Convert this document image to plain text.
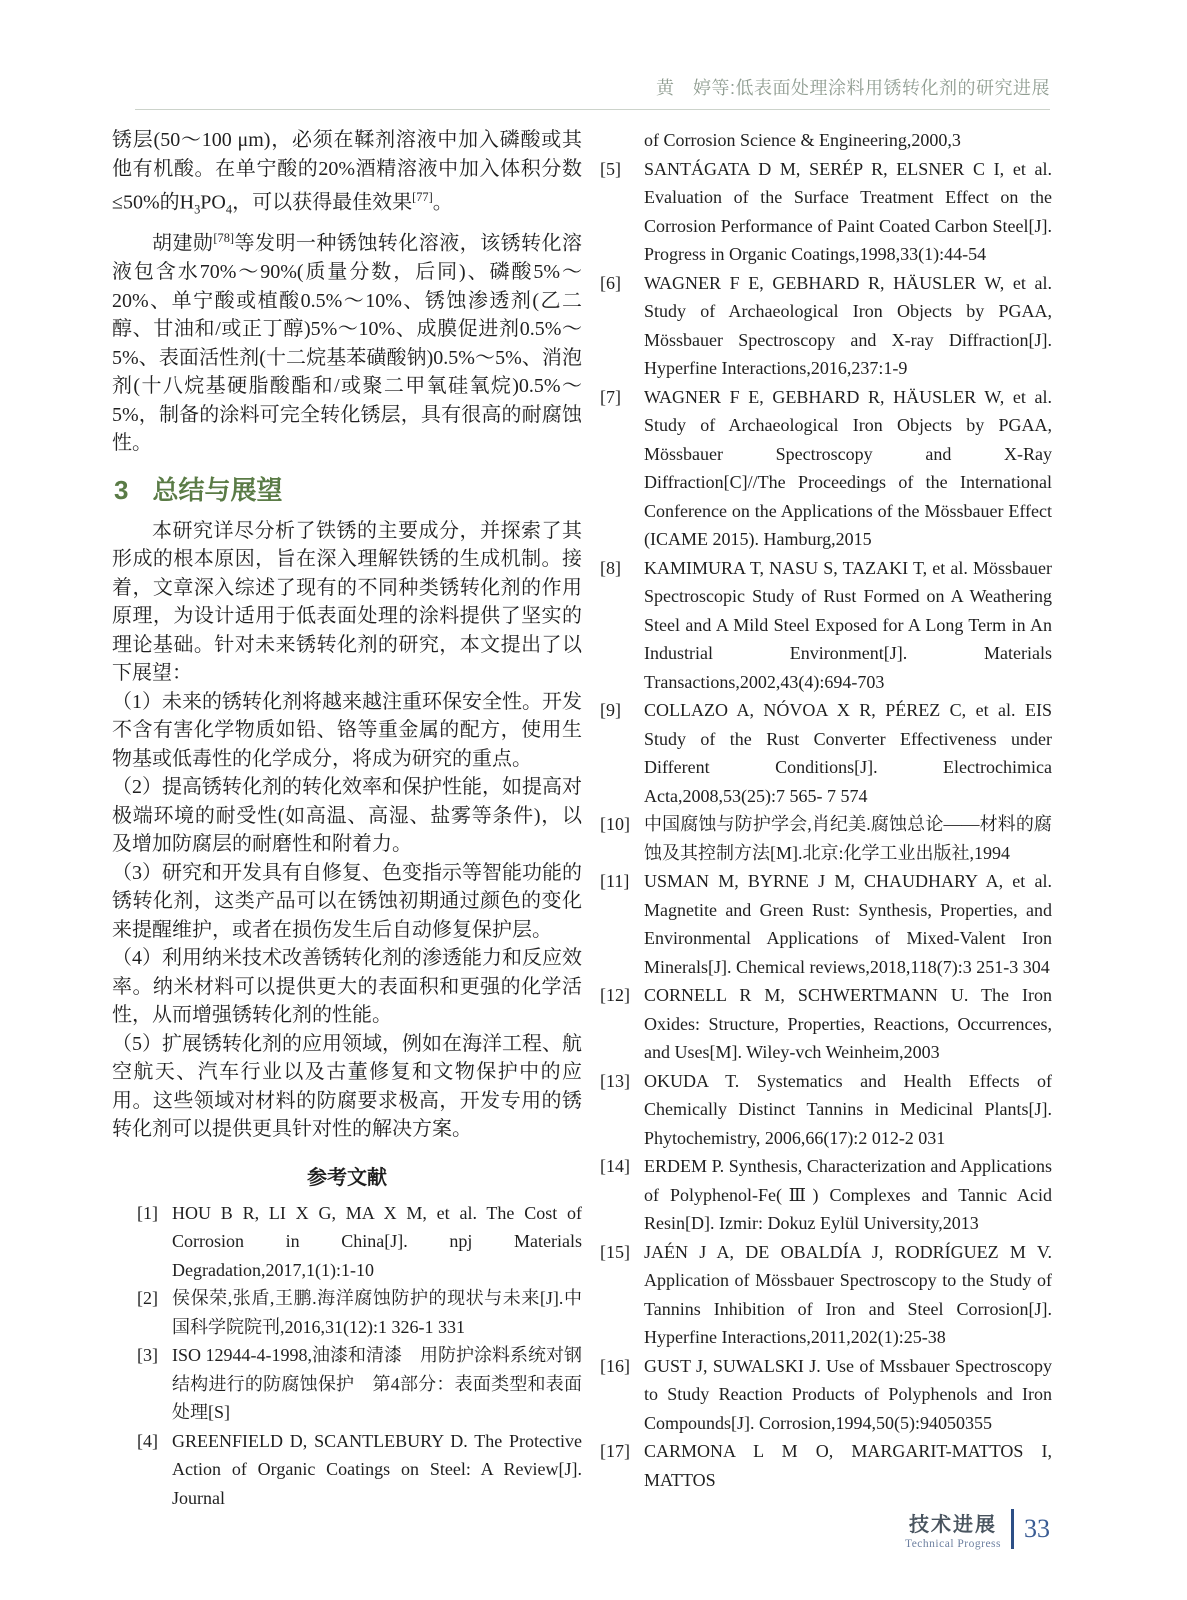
黄　婷等:低表面处理涂料用锈转化剂的研究进展

锈层(50～100 μm)，必须在鞣剂溶液中加入磷酸或其他有机酸。在单宁酸的20%酒精溶液中加入体积分数≤50%的$H_3PO_4$，可以获得最佳效果[77]。

胡建勋[78]等发明一种锈蚀转化溶液，该锈转化溶液包含水70%～90%(质量分数，后同)、磷酸5%～20%、单宁酸或植酸0.5%～10%、锈蚀渗透剂(乙二醇、甘油和/或正丁醇)5%～10%、成膜促进剂0.5%～5%、表面活性剂(十二烷基苯磺酸钠)0.5%～5%、消泡剂(十八烷基硬脂酸酯和/或聚二甲氧硅氧烷)0.5%～5%，制备的涂料可完全转化锈层，具有很高的耐腐蚀性。

3 总结与展望

本研究详尽分析了铁锈的主要成分，并探索了其形成的根本原因，旨在深入理解铁锈的生成机制。接着，文章深入综述了现有的不同种类锈转化剂的作用原理，为设计适用于低表面处理的涂料提供了坚实的理论基础。针对未来锈转化剂的研究，本文提出了以下展望：

（1）未来的锈转化剂将越来越注重环保安全性。开发不含有害化学物质如铅、铬等重金属的配方，使用生物基或低毒性的化学成分，将成为研究的重点。

（2）提高锈转化剂的转化效率和保护性能，如提高对极端环境的耐受性(如高温、高湿、盐雾等条件)，以及增加防腐层的耐磨性和附着力。

（3）研究和开发具有自修复、色变指示等智能功能的锈转化剂，这类产品可以在锈蚀初期通过颜色的变化来提醒维护，或者在损伤发生后自动修复保护层。

（4）利用纳米技术改善锈转化剂的渗透能力和反应效率。纳米材料可以提供更大的表面积和更强的化学活性，从而增强锈转化剂的性能。

（5）扩展锈转化剂的应用领域，例如在海洋工程、航空航天、汽车行业以及古董修复和文物保护中的应用。这些领域对材料的防腐要求极高，开发专用的锈转化剂可以提供更具针对性的解决方案。

参考文献
[1] HOU B R, LI X G, MA X M, et al. The Cost of Corrosion in China[J]. npj Materials Degradation,2017,1(1):1-10
[2] 侯保荣,张盾,王鹏.海洋腐蚀防护的现状与未来[J].中国科学院院刊,2016,31(12):1 326-1 331
[3] ISO 12944-4-1998,油漆和清漆　用防护涂料系统对钢结构进行的防腐蚀保护　第4部分：表面类型和表面处理[S]
[4] GREENFIELD D, SCANTLEBURY D. The Protective Action of Organic Coatings on Steel: A Review[J]. Journal

of Corrosion Science & Engineering,2000,3

[5]	SANTÁGATA D M, SERÉP R, ELSNER C I, et al. Evaluation of the Surface Treatment Effect on the Corrosion Performance of Paint Coated Carbon Steel[J]. Progress in Organic Coatings,1998,33(1):44-54
[6]	WAGNER F E, GEBHARD R, HÄUSLER W, et al. Study of Archaeological Iron Objects by PGAA, Mössbauer Spectroscopy and X-ray Diffraction[J]. Hyperfine Interactions,2016,237:1-9
[7]	WAGNER F E, GEBHARD R, HÄUSLER W, et al. Study of Archaeological Iron Objects by PGAA, Mössbauer Spectroscopy and X-Ray Diffraction[C]//The Proceedings of the International Conference on the Applications of the Mössbauer Effect (ICAME 2015). Hamburg,2015
[8]	KAMIMURA T, NASU S, TAZAKI T, et al. Mössbauer Spectroscopic Study of Rust Formed on A Weathering Steel and A Mild Steel Exposed for A Long Term in An Industrial Environment[J]. Materials Transactions,2002,43(4):694-703
[9]	COLLAZO A, NÓVOA X R, PÉREZ C, et al. EIS Study of the Rust Converter Effectiveness under Different Conditions[J]. Electrochimica Acta,2008,53(25):7 565- 7 574
[10] 中国腐蚀与防护学会,肖纪美.腐蚀总论——材料的腐蚀及其控制方法[M].北京:化学工业出版社,1994
[11] USMAN M, BYRNE J M, CHAUDHARY A, et al. Magnetite and Green Rust: Synthesis, Properties, and Environmental Applications of Mixed-Valent Iron Minerals[J]. Chemical reviews,2018,118(7):3 251-3 304
[12] CORNELL R M, SCHWERTMANN U. The Iron Oxides: Structure, Properties, Reactions, Occurrences, and Uses[M]. Wiley-vch Weinheim,2003
[13] OKUDA T. Systematics and Health Effects of Chemically Distinct Tannins in Medicinal Plants[J]. Phytochemistry, 2006,66(17):2 012-2 031
[14] ERDEM P. Synthesis, Characterization and Applications of Polyphenol-Fe(Ⅲ) Complexes and Tannic Acid Resin[D]. Izmir: Dokuz Eylül University,2013
[15] JAÉN J A, DE OBALDÍA J, RODRÍGUEZ M V. Application of Mössbauer Spectroscopy to the Study of Tannins Inhibition of Iron and Steel Corrosion[J]. Hyperfine Interactions,2011,202(1):25-38
[16] GUST J, SUWALSKI J. Use of Mssbauer Spectroscopy to Study Reaction Products of Polyphenols and Iron Compounds[J]. Corrosion,1994,50(5):94050355
[17] CARMONA L M O, MARGARIT-MATTOS I, MATTOS
技术进展
Technical Progress
33
